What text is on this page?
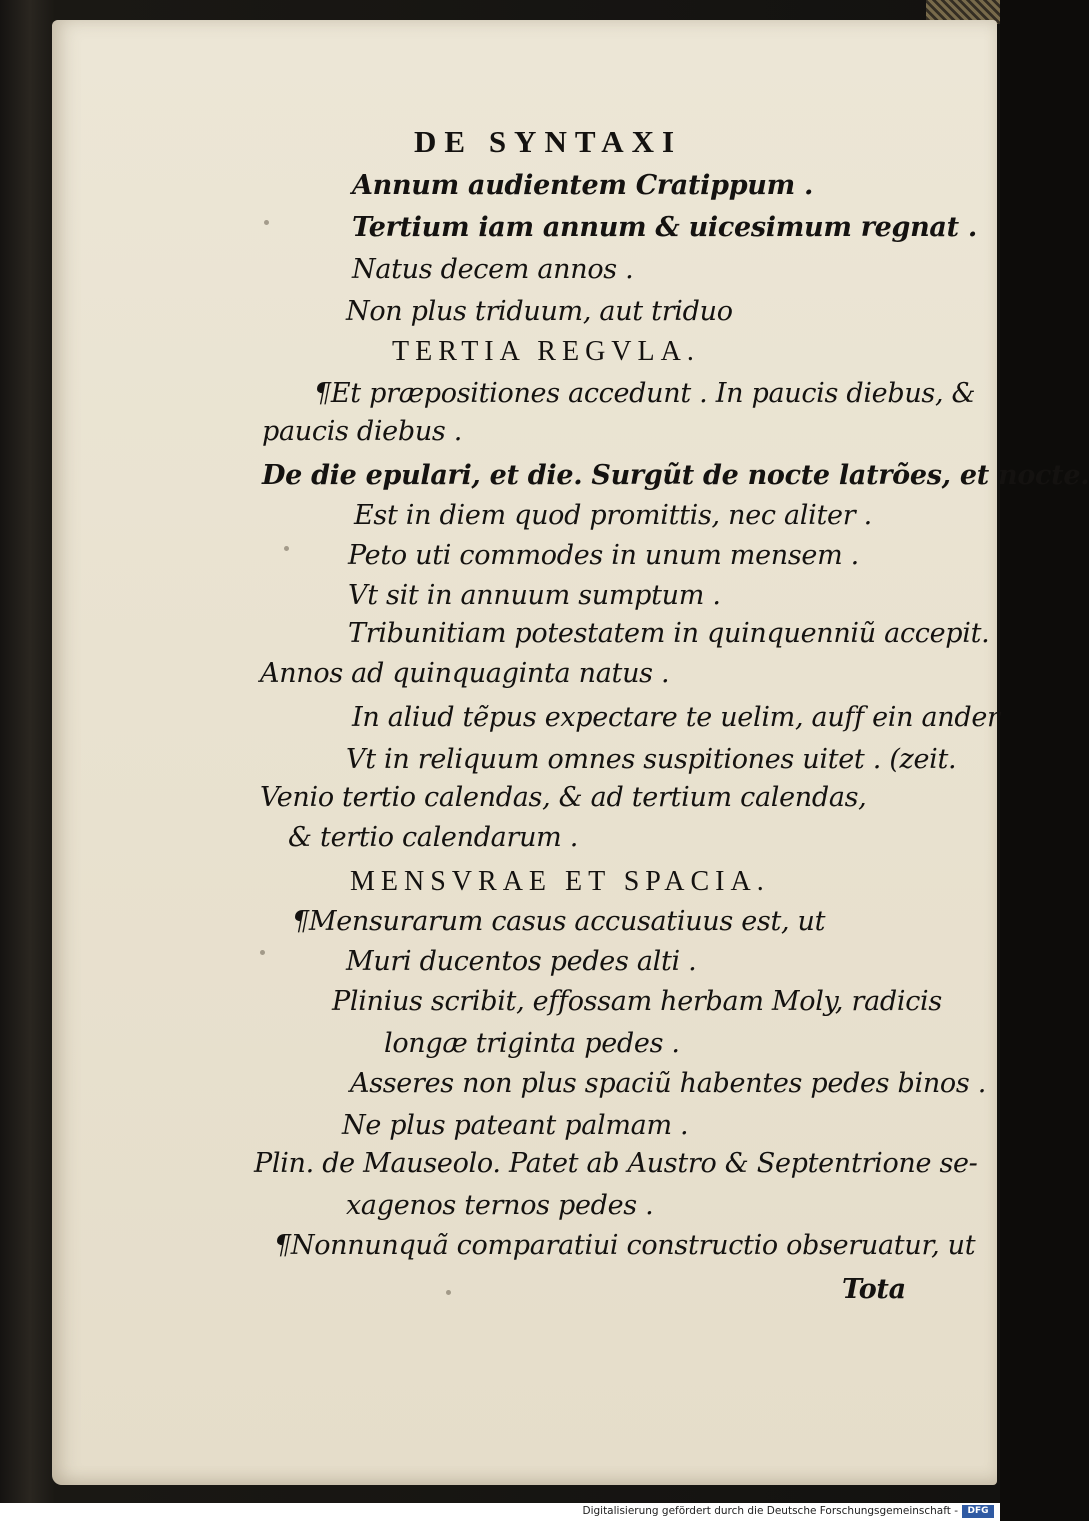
DE SYNTAXI
Annum audientem Cratippum .
Tertium iam annum & uicesimum regnat .
Natus decem annos .
Non plus triduum, aut triduo
TERTIA REGVLA.
¶Et præpositiones accedunt . In paucis diebus, &
paucis diebus .
De die epulari, et die. Surgũt de nocte latrões, et nocte.
Est in diem quod promittis, nec aliter .
Peto uti commodes in unum mensem .
Vt sit in annuum sumptum .
Tribunitiam potestatem in quinquenniũ accepit.
Annos ad quinquaginta natus .
In aliud tẽpus expectare te uelim, auff ein ander
Vt in reliquum omnes suspitiones uitet . (zeit.
Venio tertio calendas, & ad tertium calendas,
& tertio calendarum .
MENSVRAE ET SPACIA.
¶Mensurarum casus accusatiuus est, ut
Muri ducentos pedes alti .
Plinius scribit, effossam herbam Moly, radicis
longæ triginta pedes .
Asseres non plus spaciũ habentes pedes binos .
Ne plus pateant palmam .
Plin. de Mauseolo. Patet ab Austro & Septentrione se-
xagenos ternos pedes .
¶Nonnunquã comparatiui constructio obseruatur, ut
Tota
Digitalisierung gefördert durch die Deutsche Forschungsgemeinschaft -	DFG
